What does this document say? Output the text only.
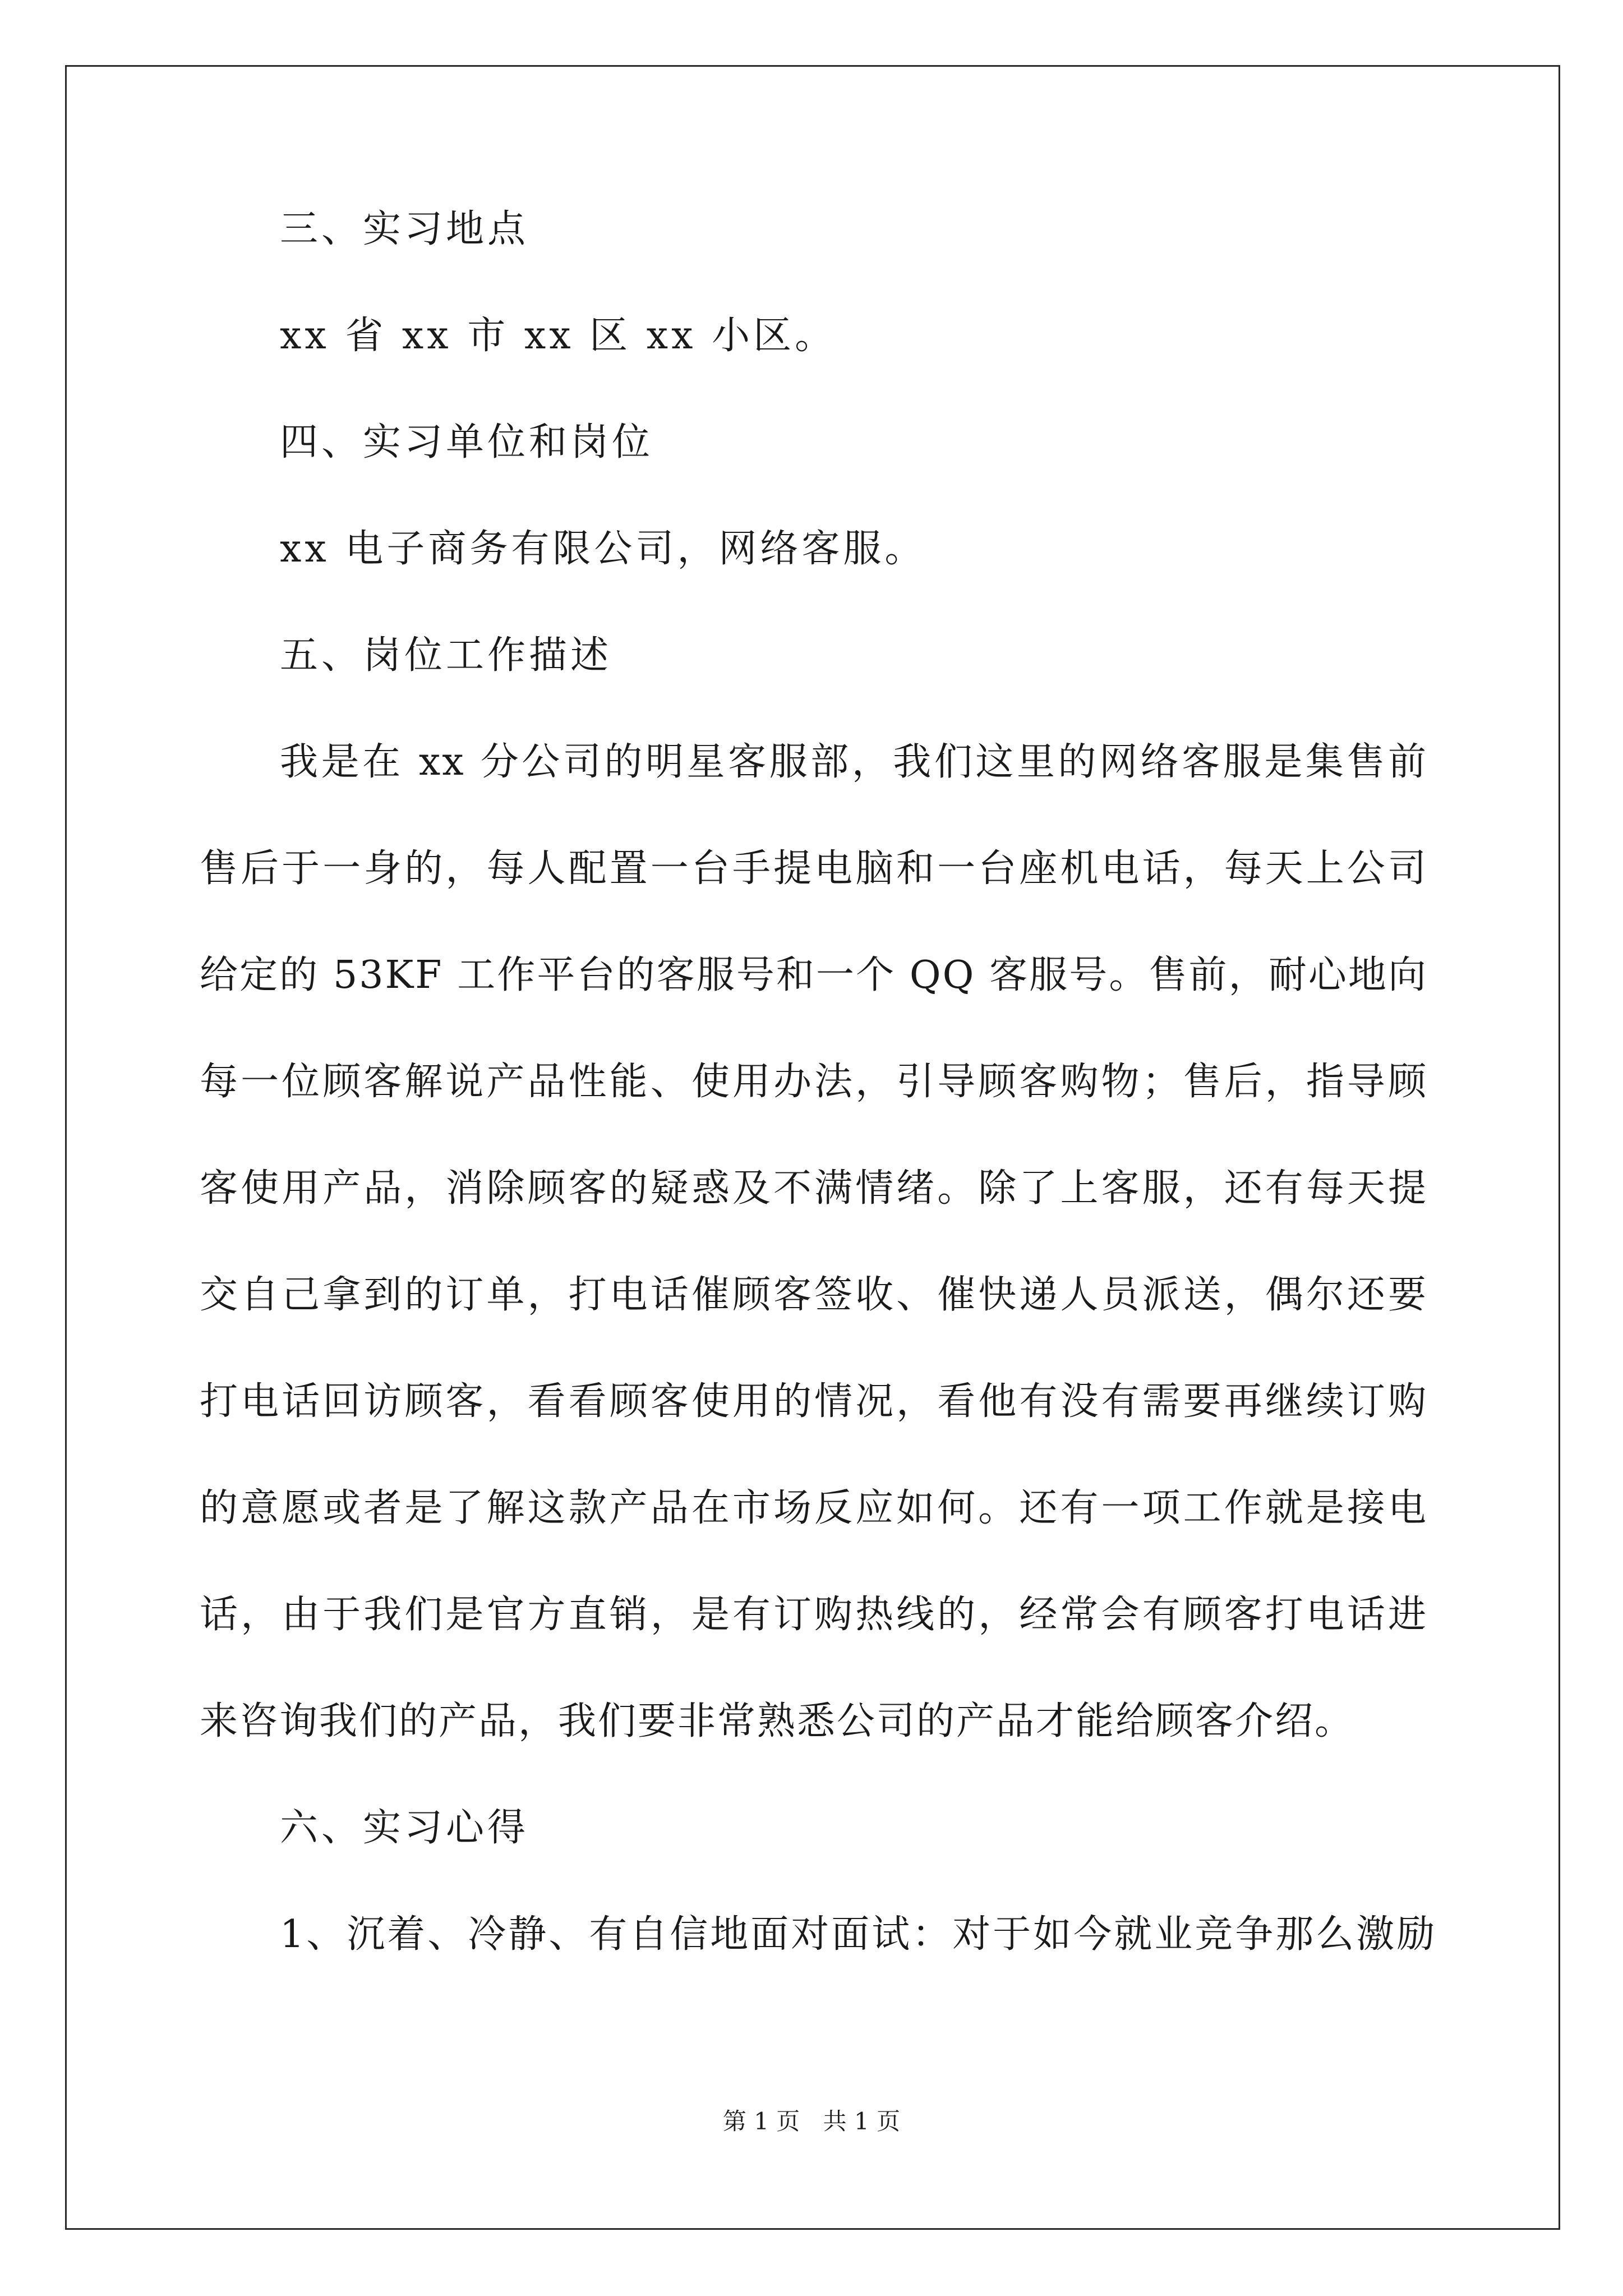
三、实习地点
xx 省 xx 市 xx 区 xx 小区。
四、实习单位和岗位
xx 电子商务有限公司，网络客服。
五、岗位工作描述
我是在 xx 分公司的明星客服部，我们这里的网络客服是集售前售后于一身的，每人配置一台手提电脑和一台座机电话，每天上公司给定的 53KF 工作平台的客服号和一个 QQ 客服号。售前，耐心地向每一位顾客解说产品性能、使用办法，引导顾客购物；售后，指导顾客使用产品，消除顾客的疑惑及不满情绪。除了上客服，还有每天提交自己拿到的订单，打电话催顾客签收、催快递人员派送，偶尔还要打电话回访顾客，看看顾客使用的情况，看他有没有需要再继续订购的意愿或者是了解这款产品在市场反应如何。还有一项工作就是接电话，由于我们是官方直销，是有订购热线的，经常会有顾客打电话进来咨询我们的产品，我们要非常熟悉公司的产品才能给顾客介绍。
六、实习心得
1、沉着、冷静、有自信地面对面试：对于如今就业竞争那么激励
第 1 页 共 1 页
